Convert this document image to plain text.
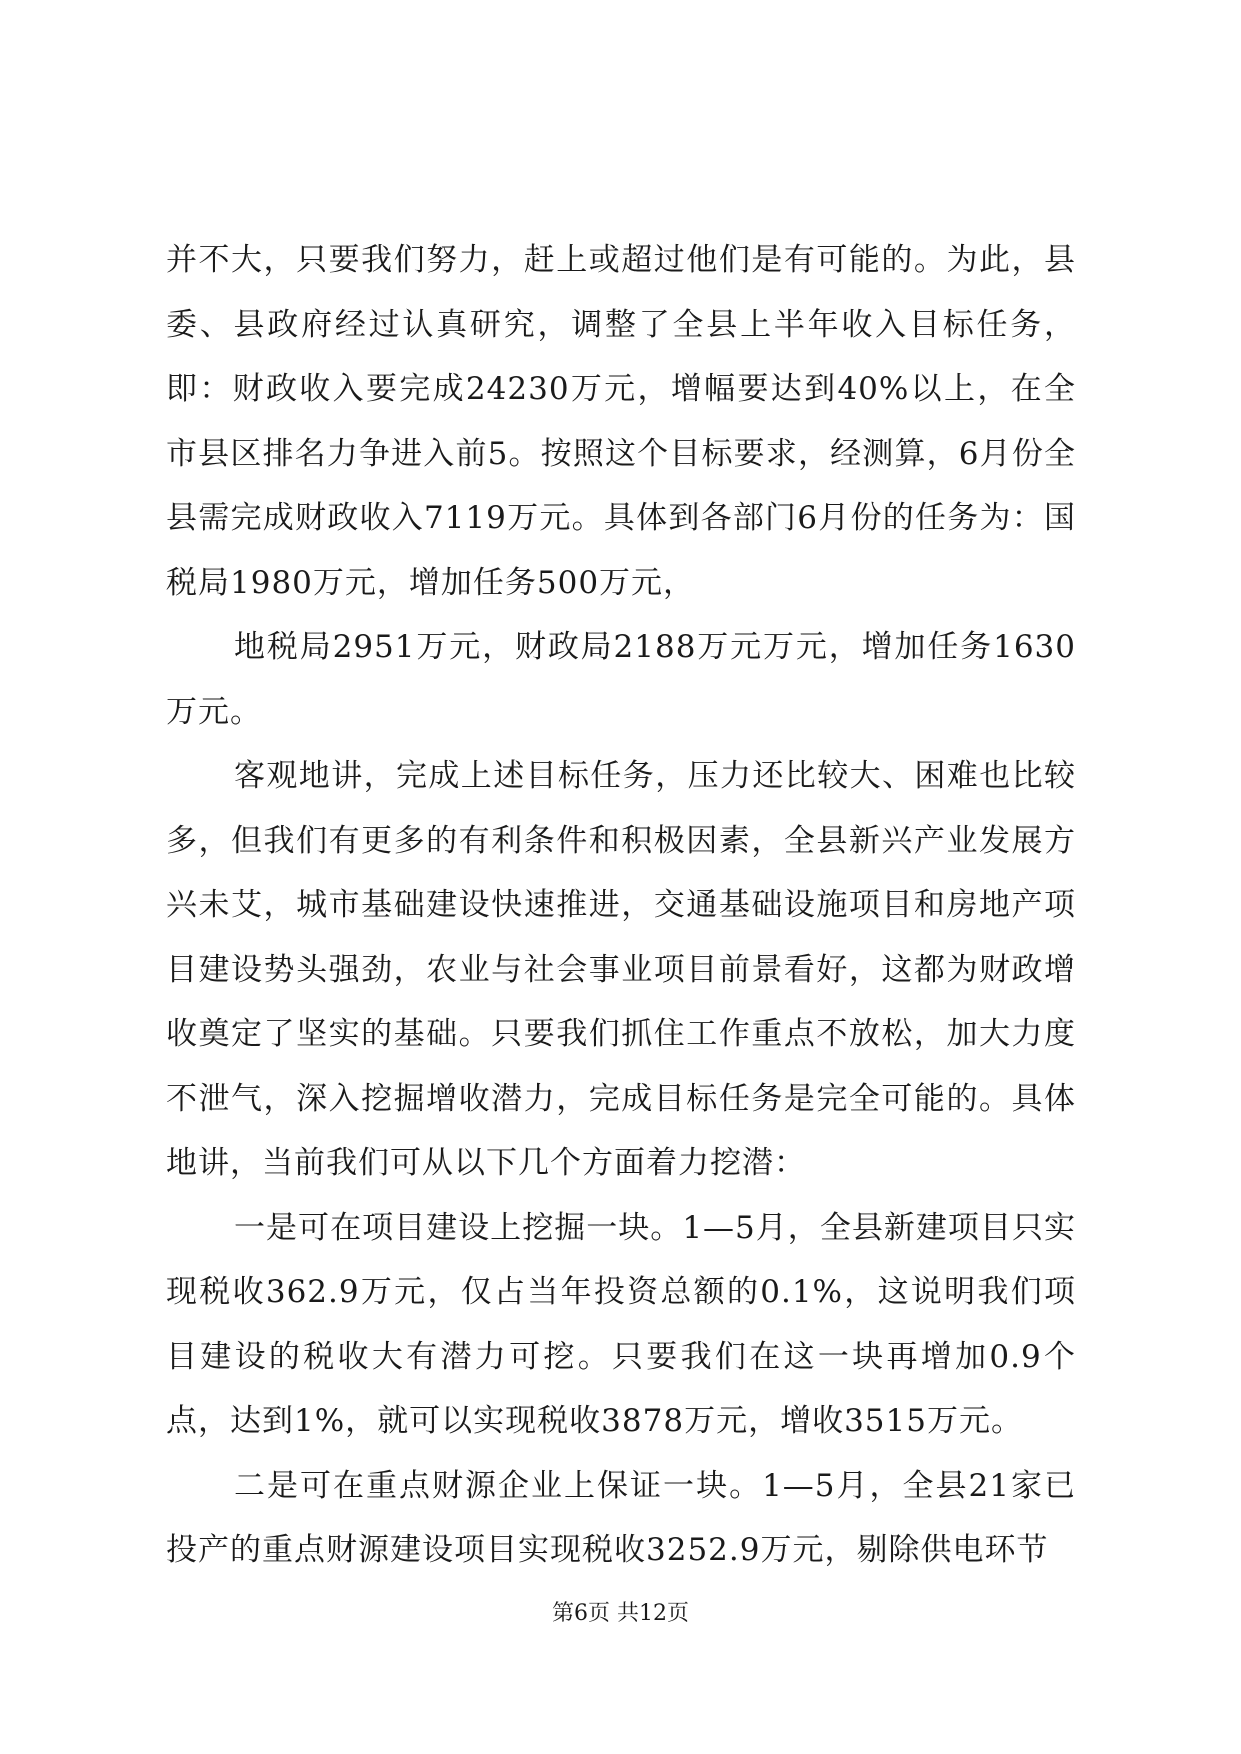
并不大，只要我们努力，赶上或超过他们是有可能的。为此，县委、县政府经过认真研究，调整了全县上半年收入目标任务，即：财政收入要完成24230万元，增幅要达到40%以上，在全市县区排名力争进入前5。按照这个目标要求，经测算，6月份全县需完成财政收入7119万元。具体到各部门6月份的任务为：国税局1980万元，增加任务500万元，

地税局2951万元，财政局2188万元万元，增加任务1630万元。

客观地讲，完成上述目标任务，压力还比较大、困难也比较多，但我们有更多的有利条件和积极因素，全县新兴产业发展方兴未艾，城市基础建设快速推进，交通基础设施项目和房地产项目建设势头强劲，农业与社会事业项目前景看好，这都为财政增收奠定了坚实的基础。只要我们抓住工作重点不放松，加大力度不泄气，深入挖掘增收潜力，完成目标任务是完全可能的。具体地讲，当前我们可从以下几个方面着力挖潜：

一是可在项目建设上挖掘一块。1—5月，全县新建项目只实现税收362.9万元，仅占当年投资总额的0.1%，这说明我们项目建设的税收大有潜力可挖。只要我们在这一块再增加0.9个点，达到1%，就可以实现税收3878万元，增收3515万元。

二是可在重点财源企业上保证一块。1—5月，全县21家已投产的重点财源建设项目实现税收3252.9万元，剔除供电环节

第6页 共12页
